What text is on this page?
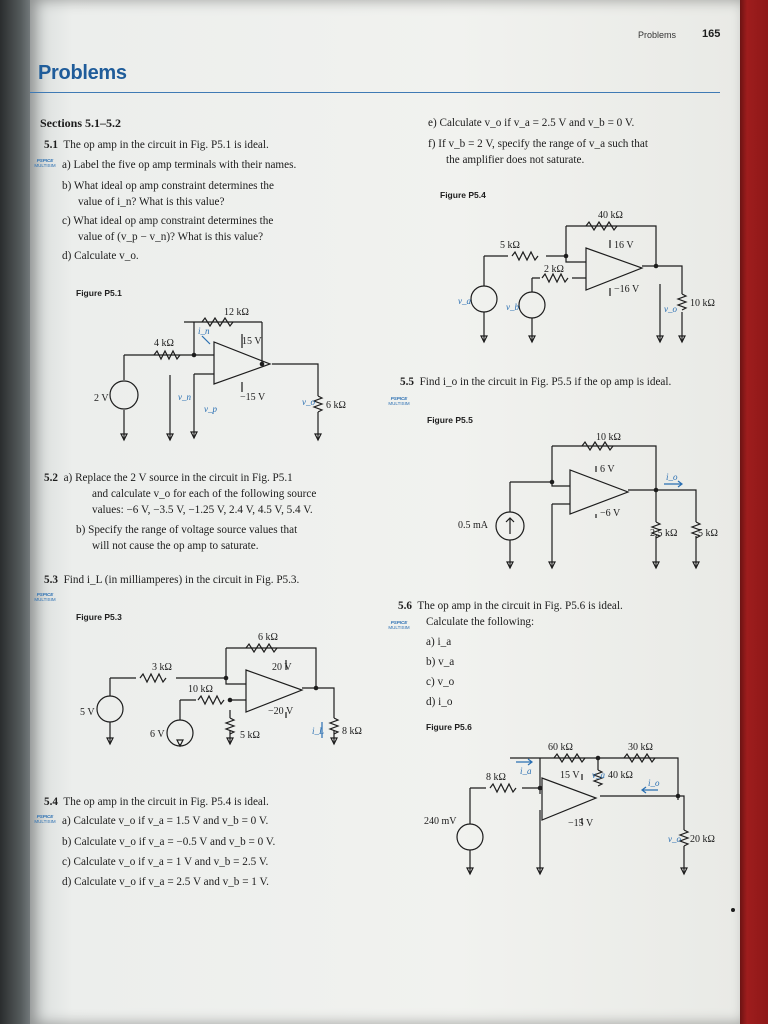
Problems 165
Problems
Sections 5.1–5.2
5.1 The op amp in the circuit in Fig. P5.1 is ideal.
PSPICE
MULTISIM a) Label the five op amp terminals with their names.
b) What ideal op amp constraint determines the
value of i_n? What is this value?
c) What ideal op amp constraint determines the
value of (v_p − v_n)? What is this value?
d) Calculate v_o.
Figure P5.1
12 kΩ
4 kΩ	15 V
−15 V
2 V
6 kΩ
i_n
v_n
v_p
v_o
5.2 a) Replace the 2 V source in the circuit in Fig. P5.1
and calculate v_o for each of the following source
values: −6 V, −3.5 V, −1.25 V, 2.4 V, 4.5 V, 5.4 V.
b) Specify the range of voltage source values that
will not cause the op amp to saturate.
5.3 Find i_L (in milliamperes) in the circuit in Fig. P5.3.
PSPICE
MULTISIM
Figure P5.3
6 kΩ
3 kΩ
10 kΩ
20 V
−20 V
5 V
6 V	5 kΩ	8 kΩ
i_L
5.4 The op amp in the circuit in Fig. P5.4 is ideal.
PSPICE
MULTISIM a) Calculate v_o if v_a = 1.5 V and v_b = 0 V.
b) Calculate v_o if v_a = −0.5 V and v_b = 0 V.
c) Calculate v_o if v_a = 1 V and v_b = 2.5 V.
d) Calculate v_o if v_a = 2.5 V and v_b = 1 V.
e) Calculate v_o if v_a = 2.5 V and v_b = 0 V.
f) If v_b = 2 V, specify the range of v_a such that
the amplifier does not saturate.
Figure P5.4
40 kΩ
5 kΩ
2 kΩ
16 V
−16 V
10 kΩ
v_a
v_b	v_o
5.5 Find i_o in the circuit in Fig. P5.5 if the op amp is ideal.
PSPICE
MULTISIM
Figure P5.5
10 kΩ
6 V
−6 V
0.5 mA
2.5 kΩ 5 kΩ
i_o
5.6 The op amp in the circuit in Fig. P5.6 is ideal.
Calculate the following:
PSPICE
MULTISIM
a) i_a
b) v_a
c) v_o
d) i_o
Figure P5.6
60 kΩ	30 kΩ
8 kΩ	15 V
−15 V
40 kΩ
240 mV
20 kΩ
i_a	v_a
i_o
v_o
